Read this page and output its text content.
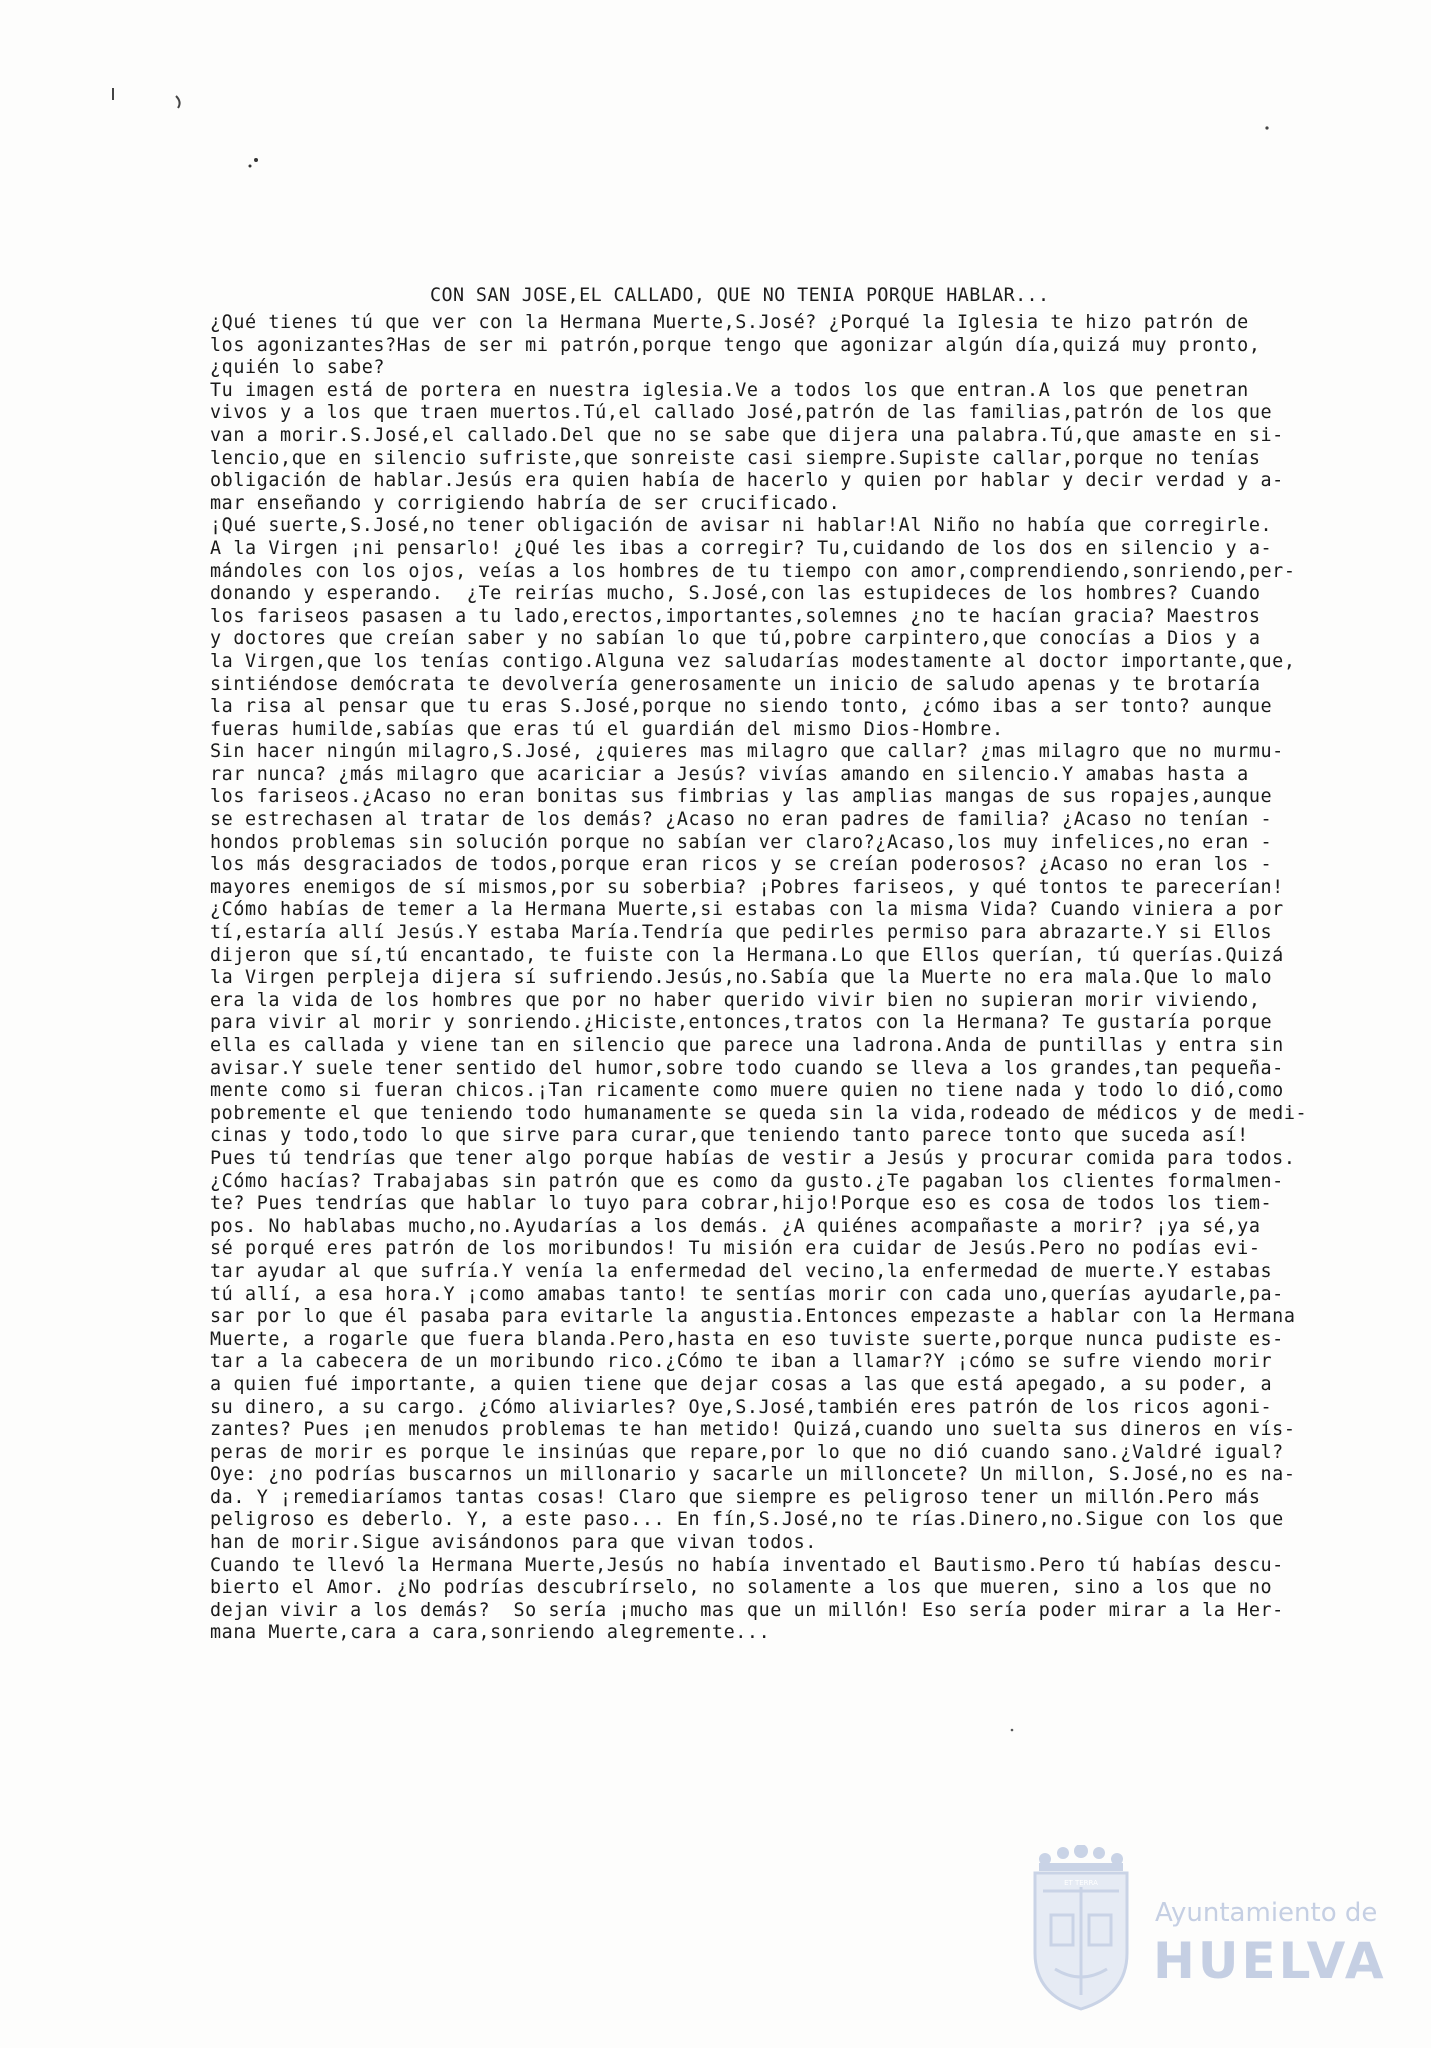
CON SAN JOSE,EL CALLADO, QUE NO TENIA PORQUE HABLAR...
¿Qué tienes tú que ver con la Hermana Muerte,S.José? ¿Porqué la Iglesia te hizo patrón de
los agonizantes?Has de ser mi patrón,porque tengo que agonizar algún día,quizá muy pronto,
¿quién lo sabe?
Tu imagen está de portera en nuestra iglesia.Ve a todos los que entran.A los que penetran
vivos y a los que traen muertos.Tú,el callado José,patrón de las familias,patrón de los que
van a morir.S.José,el callado.Del que no se sabe que dijera una palabra.Tú,que amaste en si-
lencio,que en silencio sufriste,que sonreiste casi siempre.Supiste callar,porque no tenías
obligación de hablar.Jesús era quien había de hacerlo y quien por hablar y decir verdad y a-
mar enseñando y corrigiendo habría de ser crucificado.
¡Qué suerte,S.José,no tener obligación de avisar ni hablar!Al Niño no había que corregirle.
A la Virgen ¡ni pensarlo! ¿Qué les ibas a corregir? Tu,cuidando de los dos en silencio y a-
mándoles con los ojos, veías a los hombres de tu tiempo con amor,comprendiendo,sonriendo,per-
donando y esperando.  ¿Te reirías mucho, S.José,con las estupideces de los hombres? Cuando
los fariseos pasasen a tu lado,erectos,importantes,solemnes ¿no te hacían gracia? Maestros
y doctores que creían saber y no sabían lo que tú,pobre carpintero,que conocías a Dios y a
la Virgen,que los tenías contigo.Alguna vez saludarías modestamente al doctor importante,que,
sintiéndose demócrata te devolvería generosamente un inicio de saludo apenas y te brotaría
la risa al pensar que tu eras S.José,porque no siendo tonto, ¿cómo ibas a ser tonto? aunque
fueras humilde,sabías que eras tú el guardián del mismo Dios-Hombre.
Sin hacer ningún milagro,S.José, ¿quieres mas milagro que callar? ¿mas milagro que no murmu-
rar nunca? ¿más milagro que acariciar a Jesús? vivías amando en silencio.Y amabas hasta a
los fariseos.¿Acaso no eran bonitas sus fimbrias y las amplias mangas de sus ropajes,aunque
se estrechasen al tratar de los demás? ¿Acaso no eran padres de familia? ¿Acaso no tenían -
hondos problemas sin solución porque no sabían ver claro?¿Acaso,los muy infelices,no eran -
los más desgraciados de todos,porque eran ricos y se creían poderosos? ¿Acaso no eran los -
mayores enemigos de sí mismos,por su soberbia? ¡Pobres fariseos, y qué tontos te parecerían!
¿Cómo habías de temer a la Hermana Muerte,si estabas con la misma Vida? Cuando viniera a por
tí,estaría allí Jesús.Y estaba María.Tendría que pedirles permiso para abrazarte.Y si Ellos
dijeron que sí,tú encantado, te fuiste con la Hermana.Lo que Ellos querían, tú querías.Quizá
la Virgen perpleja dijera sí sufriendo.Jesús,no.Sabía que la Muerte no era mala.Que lo malo
era la vida de los hombres que por no haber querido vivir bien no supieran morir viviendo,
para vivir al morir y sonriendo.¿Hiciste,entonces,tratos con la Hermana? Te gustaría porque
ella es callada y viene tan en silencio que parece una ladrona.Anda de puntillas y entra sin
avisar.Y suele tener sentido del humor,sobre todo cuando se lleva a los grandes,tan pequeña-
mente como si fueran chicos.¡Tan ricamente como muere quien no tiene nada y todo lo dió,como
pobremente el que teniendo todo humanamente se queda sin la vida,rodeado de médicos y de medi-
cinas y todo,todo lo que sirve para curar,que teniendo tanto parece tonto que suceda así!
Pues tú tendrías que tener algo porque habías de vestir a Jesús y procurar comida para todos.
¿Cómo hacías? Trabajabas sin patrón que es como da gusto.¿Te pagaban los clientes formalmen-
te? Pues tendrías que hablar lo tuyo para cobrar,hijo!Porque eso es cosa de todos los tiem-
pos. No hablabas mucho,no.Ayudarías a los demás. ¿A quiénes acompañaste a morir? ¡ya sé,ya
sé porqué eres patrón de los moribundos! Tu misión era cuidar de Jesús.Pero no podías evi-
tar ayudar al que sufría.Y venía la enfermedad del vecino,la enfermedad de muerte.Y estabas
tú allí, a esa hora.Y ¡como amabas tanto! te sentías morir con cada uno,querías ayudarle,pa-
sar por lo que él pasaba para evitarle la angustia.Entonces empezaste a hablar con la Hermana
Muerte, a rogarle que fuera blanda.Pero,hasta en eso tuviste suerte,porque nunca pudiste es-
tar a la cabecera de un moribundo rico.¿Cómo te iban a llamar?Y ¡cómo se sufre viendo morir
a quien fué importante, a quien tiene que dejar cosas a las que está apegado, a su poder, a
su dinero, a su cargo. ¿Cómo aliviarles? Oye,S.José,también eres patrón de los ricos agoni-
zantes? Pues ¡en menudos problemas te han metido! Quizá,cuando uno suelta sus dineros en vís-
peras de morir es porque le insinúas que repare,por lo que no dió cuando sano.¿Valdré igual?
Oye: ¿no podrías buscarnos un millonario y sacarle un milloncete? Un millon, S.José,no es na-
da. Y ¡remediaríamos tantas cosas! Claro que siempre es peligroso tener un millón.Pero más
peligroso es deberlo. Y, a este paso... En fín,S.José,no te rías.Dinero,no.Sigue con los que
han de morir.Sigue avisándonos para que vivan todos.
Cuando te llevó la Hermana Muerte,Jesús no había inventado el Bautismo.Pero tú habías descu-
bierto el Amor. ¿No podrías descubrírselo, no solamente a los que mueren, sino a los que no
dejan vivir a los demás?  So sería ¡mucho mas que un millón! Eso sería poder mirar a la Her-
mana Muerte,cara a cara,sonriendo alegremente...
ET TERRA
Ayuntamiento de
HUELVA
